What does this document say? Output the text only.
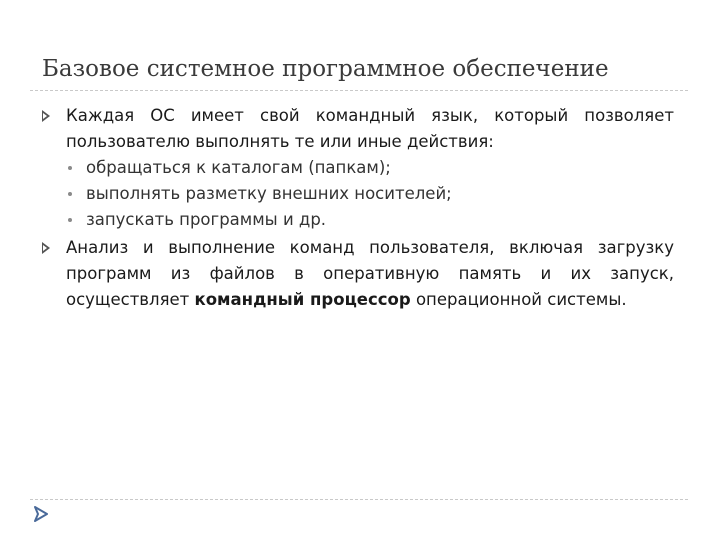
Базовое системное программное обеспечение
Каждая ОС имеет свой командный язык, который позволяет пользователю выполнять те или иные действия:
обращаться к каталогам (папкам);
выполнять разметку внешних носителей;
запускать программы и др.
Анализ и выполнение команд пользователя, включая загрузку программ из файлов в оперативную память и их запуск, осуществляет командный процессор операционной системы.
